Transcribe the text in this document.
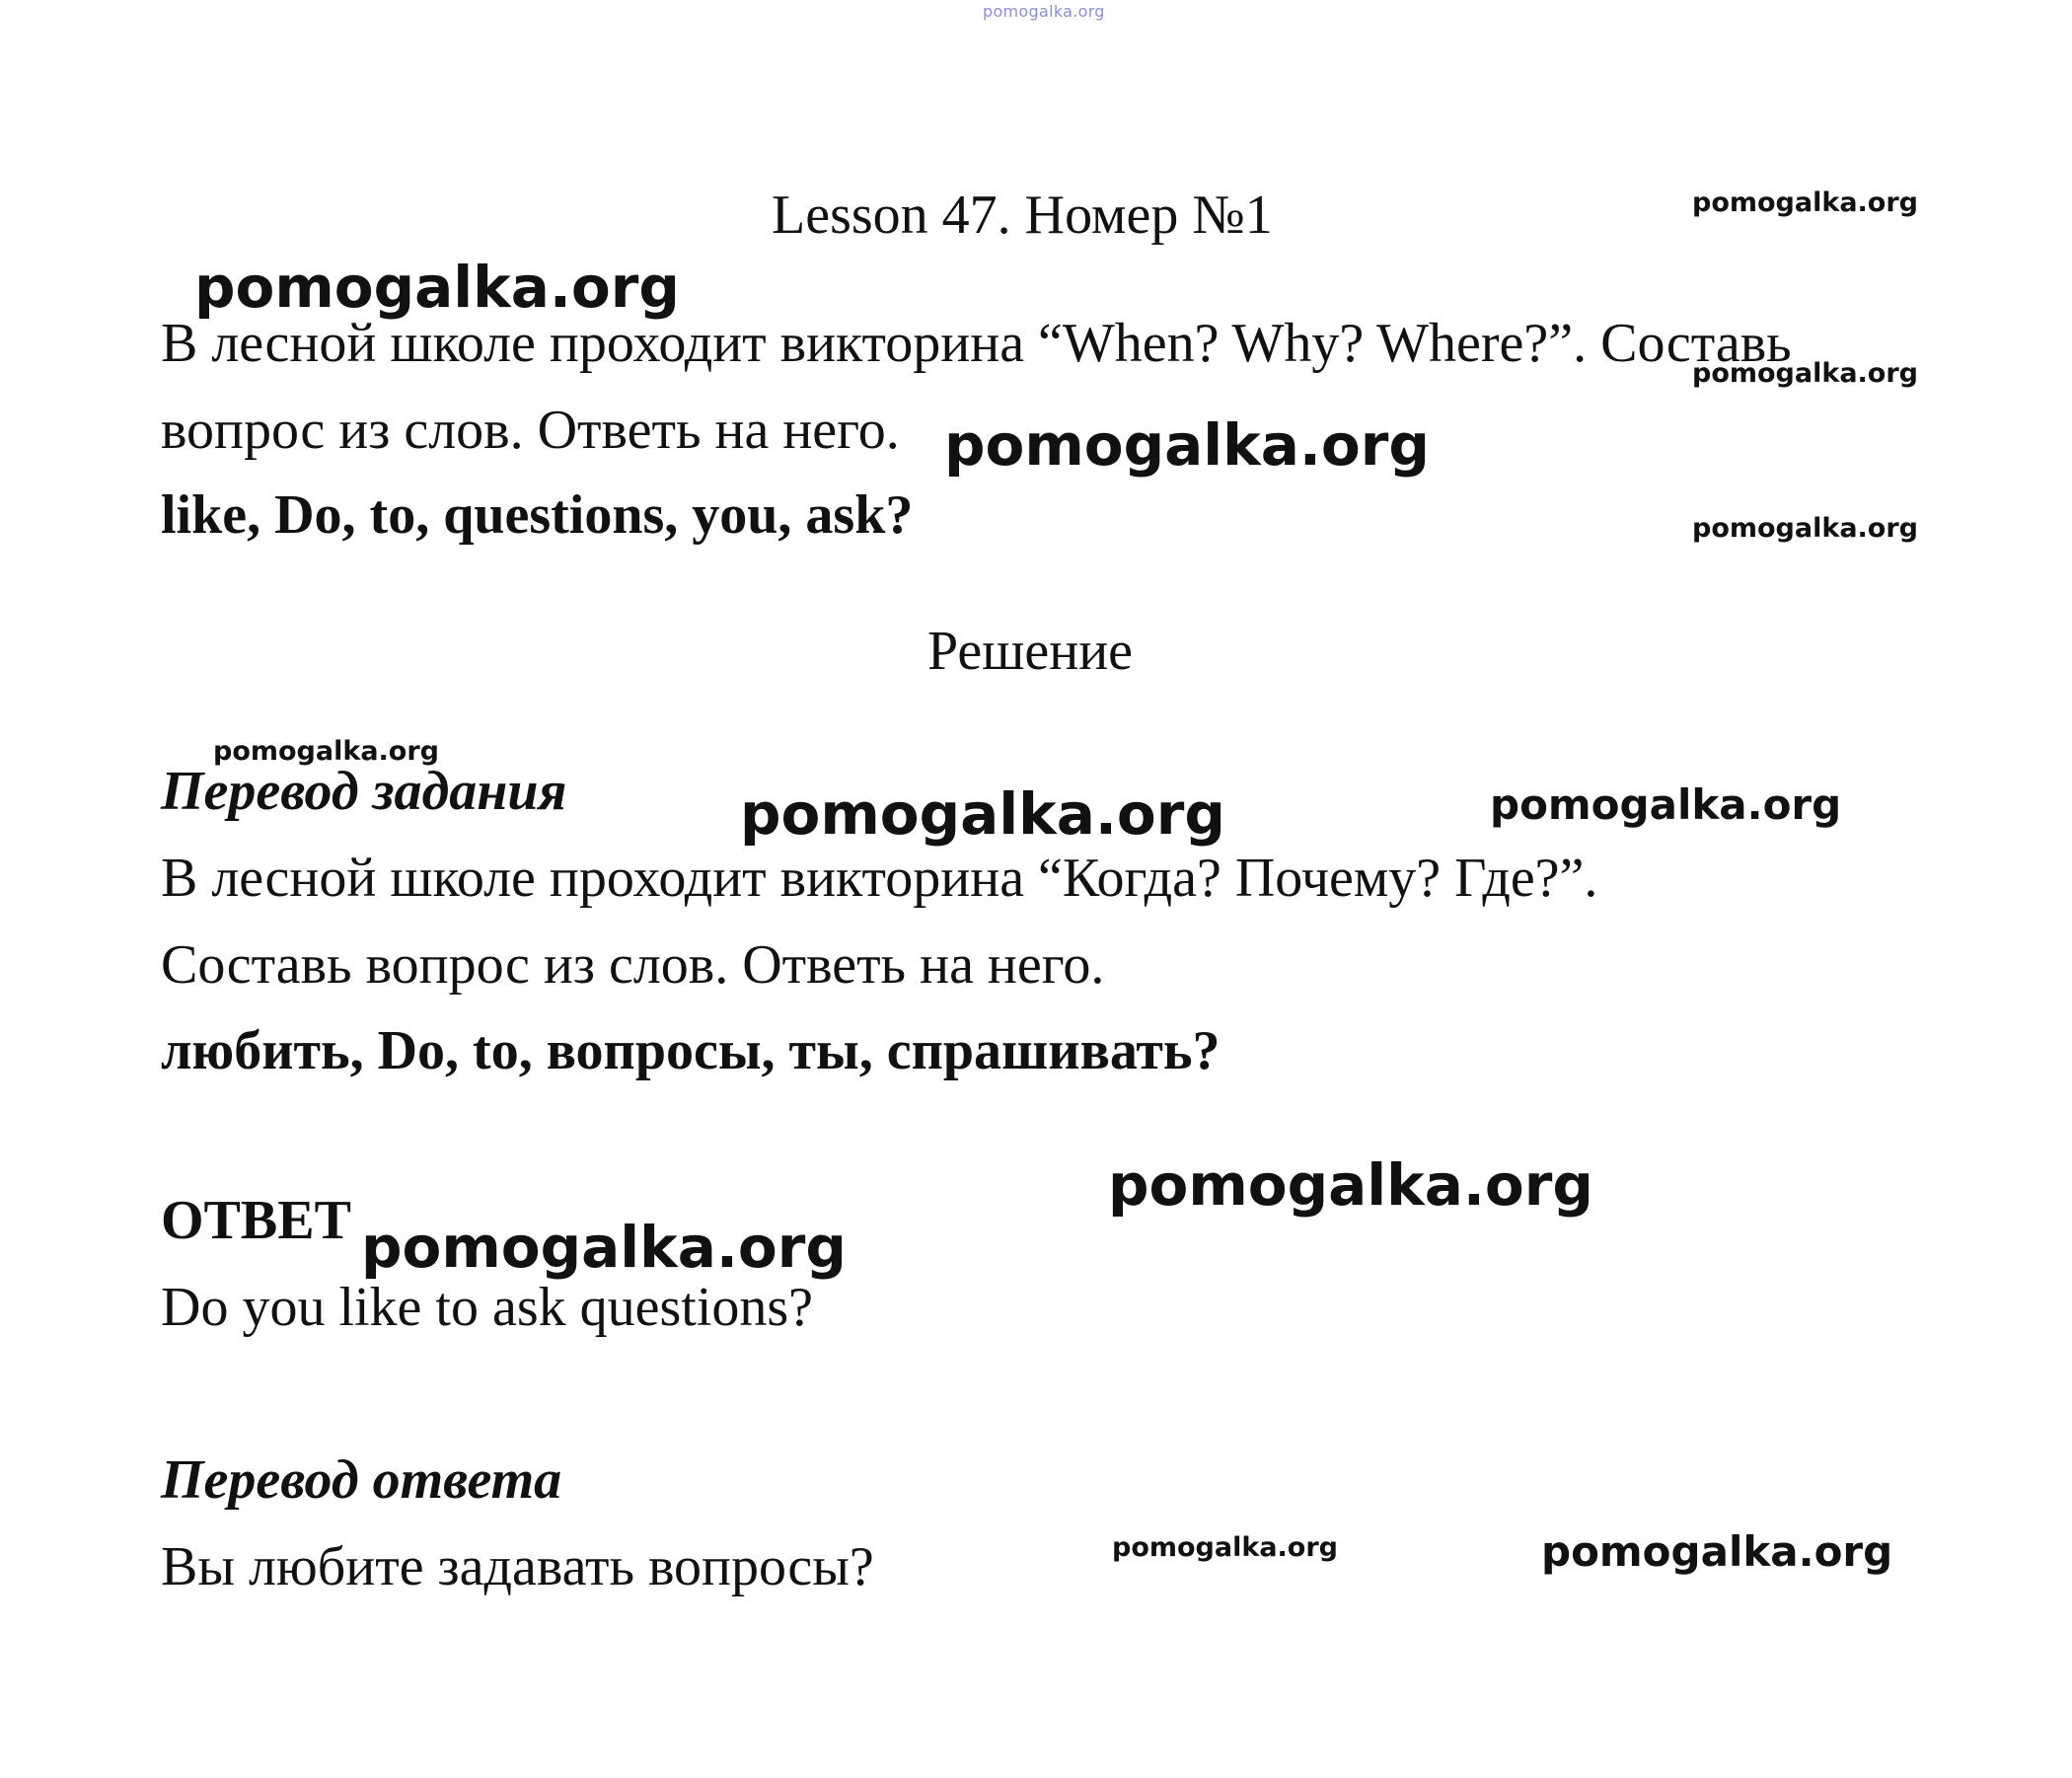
pomogalka.org
Lesson 47. Номер №1	pomogalka.org
pomogalka.org
В лесной школе проходит викторина “When? Why? Where?”. Составь
pomogalka.org
вопрос из слов. Ответь на него. pomogalka.org
like, Do, to, questions, you, ask?	pomogalka.org
Решение
pomogalka.org
Перевод задания	pomogalka.org	pomogalka.org
В лесной школе проходит викторина “Когда? Почему? Где?”.
Составь вопрос из слов. Ответь на него.
любить, Do, to, вопросы, ты, спрашивать?
pomogalka.org
ОТВЕТ pomogalka.org
Do you like to ask questions?
Перевод ответа
Вы любите задавать вопросы?	pomogalka.org	pomogalka.org
